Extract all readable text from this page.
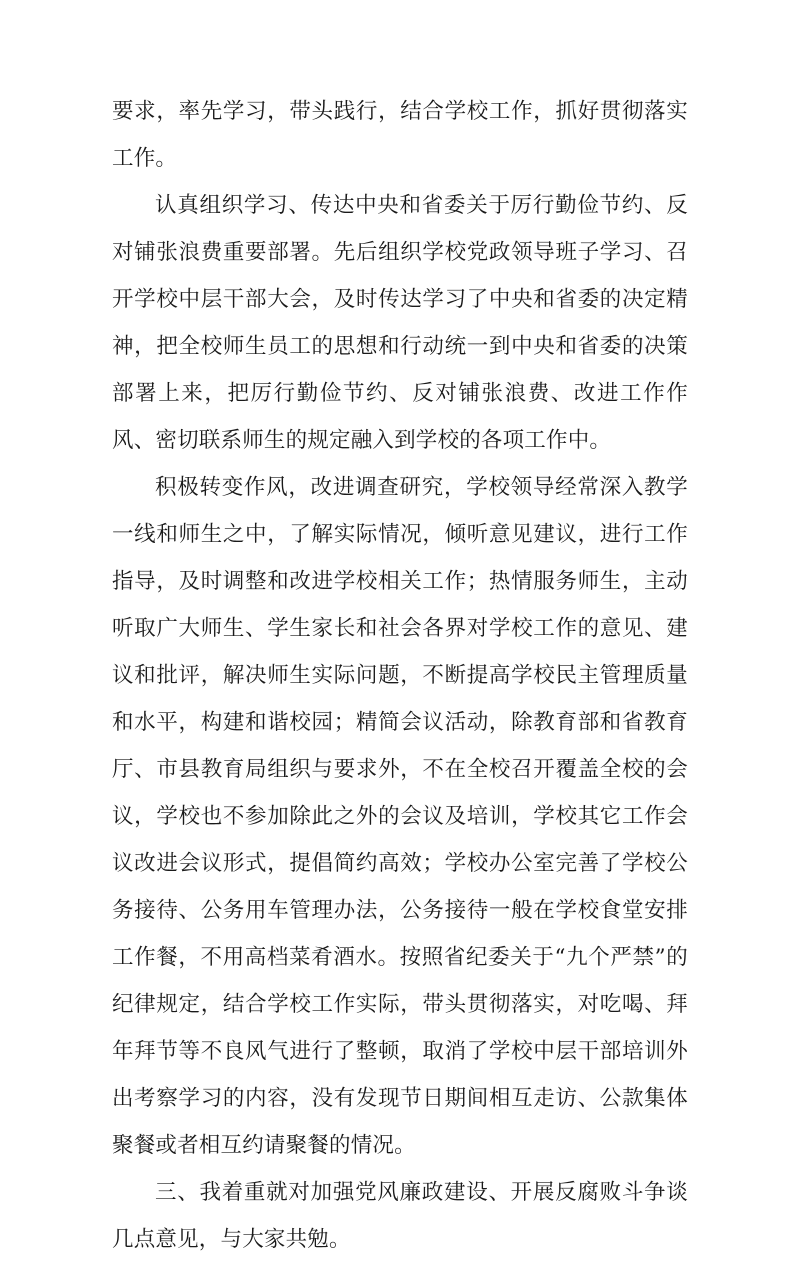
要求，率先学习，带头践行，结合学校工作，抓好贯彻落实工作。

认真组织学习、传达中央和省委关于厉行勤俭节约、反对铺张浪费重要部署。先后组织学校党政领导班子学习、召开学校中层干部大会，及时传达学习了中央和省委的决定精神，把全校师生员工的思想和行动统一到中央和省委的决策部署上来，把厉行勤俭节约、反对铺张浪费、改进工作作风、密切联系师生的规定融入到学校的各项工作中。

积极转变作风，改进调查研究，学校领导经常深入教学一线和师生之中，了解实际情况，倾听意见建议，进行工作指导，及时调整和改进学校相关工作；热情服务师生，主动听取广大师生、学生家长和社会各界对学校工作的意见、建议和批评，解决师生实际问题，不断提高学校民主管理质量和水平，构建和谐校园；精简会议活动，除教育部和省教育厅、市县教育局组织与要求外，不在全校召开覆盖全校的会议，学校也不参加除此之外的会议及培训，学校其它工作会议改进会议形式，提倡简约高效；学校办公室完善了学校公务接待、公务用车管理办法，公务接待一般在学校食堂安排工作餐，不用高档菜肴酒水。按照省纪委关于“九个严禁”的纪律规定，结合学校工作实际，带头贯彻落实，对吃喝、拜年拜节等不良风气进行了整顿，取消了学校中层干部培训外出考察学习的内容，没有发现节日期间相互走访、公款集体聚餐或者相互约请聚餐的情况。

三、我着重就对加强党风廉政建设、开展反腐败斗争谈几点意见，与大家共勉。
